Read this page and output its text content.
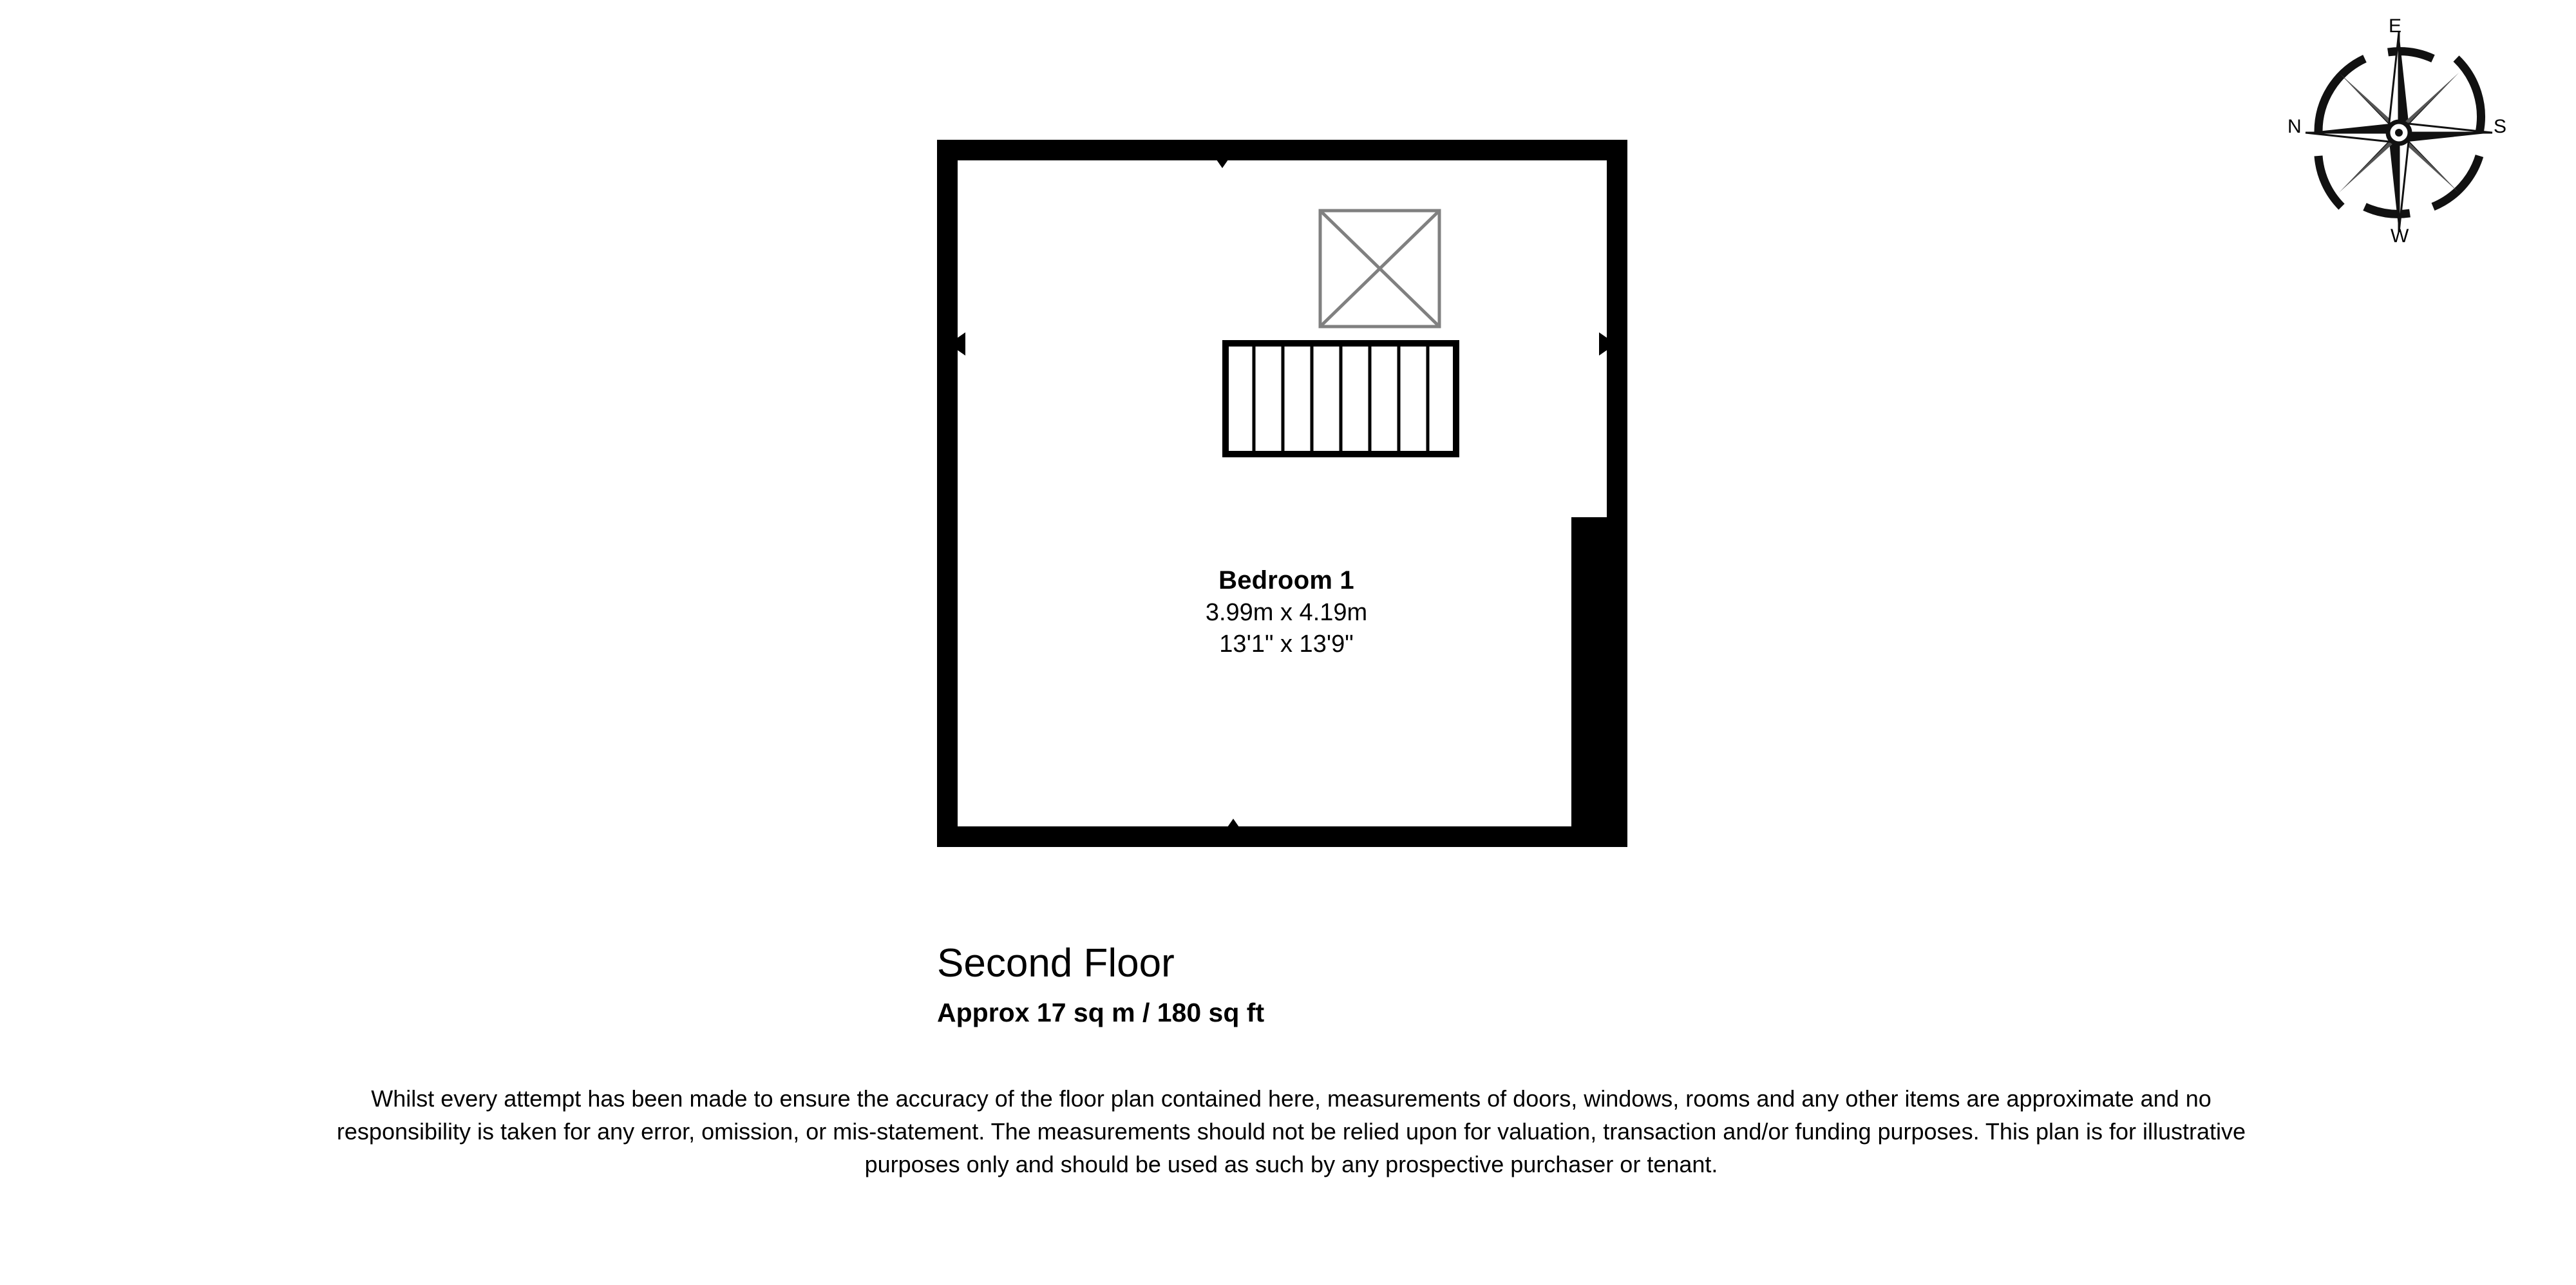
E
N	S
W
Bedroom 1
3.99m x 4.19m
13'1" x 13'9"
Second Floor
Approx 17 sq m / 180 sq ft
Whilst every attempt has been made to ensure the accuracy of the floor plan contained here, measurements of doors, windows, rooms and any other items are approximate and no responsibility is taken for any error, omission, or mis-statement. The measurements should not be relied upon for valuation, transaction and/or funding purposes. This plan is for illustrative purposes only and should be used as such by any prospective purchaser or tenant.
